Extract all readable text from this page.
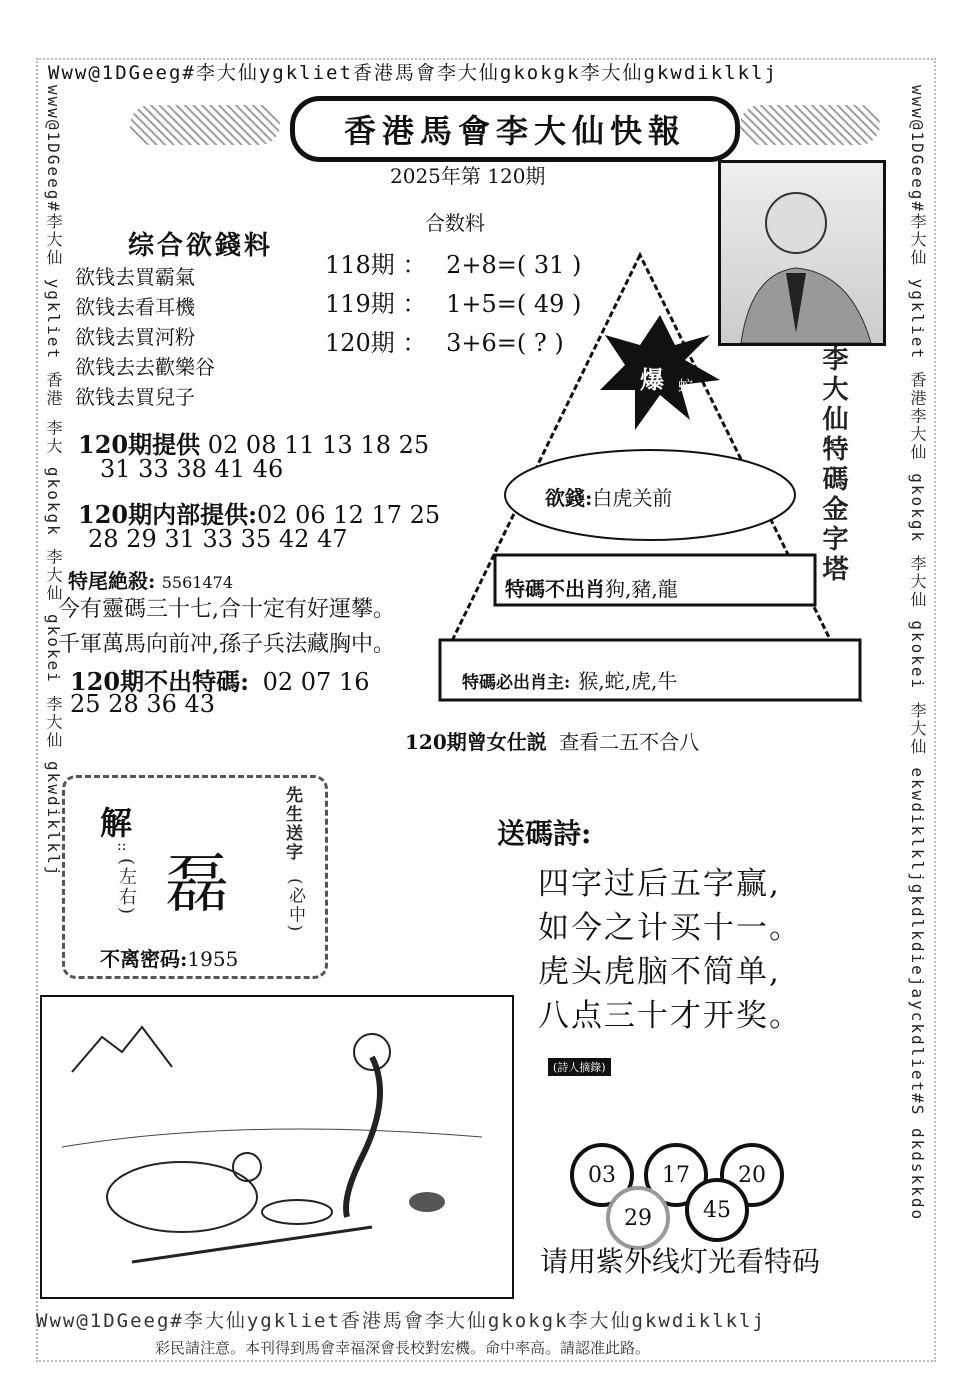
Www@1DGeeg#李大仙ygkliet香港馬會李大仙gkokgk李大仙gkwdiklklj
www@1DGeeg#李大仙 ygkliet 香港 李大 gkokgk 李大仙 gkokei 李大仙 gkwdiklklj	www@1DGeeg#李大仙 ygkliet 香港李大仙 gkokgk 李大仙 gkokei 李大仙 ekwdiklkljgkdlkdiejayckdliet#S dkdskkdo
香港馬會李大仙快報
2025年第 120期
合数料
综合欲錢料
欲钱去買霸氣
欲钱去看耳機
欲钱去買河粉
欲钱去去歡樂谷
欲钱去買兒子
118期 ： 2+8=( 31 )
119期 ： 1+5=( 49 )
120期 ： 3+6=( ? )
爆 蛇	李大仙特碼金字塔
欲錢:白虎关前
特碼不出肖狗,豬,龍
特碼必出肖主: 猴,蛇,虎,牛
120期曾女仕説 查看二五不合八
120期提供 02 08 11 13 18 25
31 33 38 41 46
120期内部提供:02 06 12 17 25
28 29 31 33 35 42 47
特尾絶殺: 5561474
今有靈碼三十七,合十定有好運攀。
千軍萬馬向前冲,孫子兵法藏胸中。
120期不出特碼: 02 07 16
25 28 36 43
解
::
(左右) 磊
先生送字
(必中)
不离密码:1955
送碼詩:
四字过后五字赢,
如今之计买十一。
虎头虎脑不简单,
八点三十才开奖。
(詩人摘錄)
03	17	20
29	45
请用紫外线灯光看特码
Www@1DGeeg#李大仙ygkliet香港馬會李大仙gkokgk李大仙gkwdiklklj
彩民請注意。本刊得到馬會幸福深會長校對宏機。命中率高。請認准此路。
